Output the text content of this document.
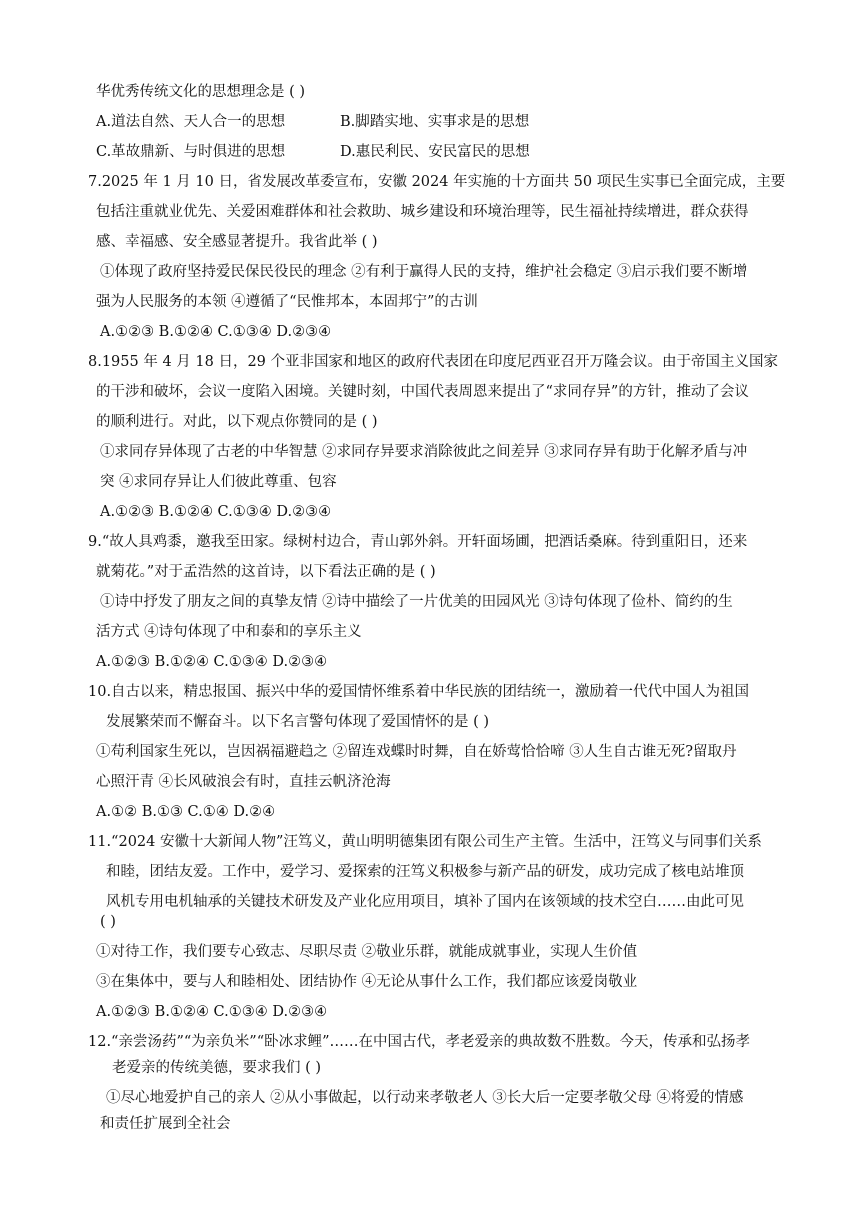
华优秀传统文化的思想理念是 ( )
A.道法自然、天人合一的思想	B.脚踏实地、实事求是的思想
C.革故鼎新、与时俱进的思想	D.惠民利民、安民富民的思想
7.2025 年 1 月 10 日，省发展改革委宣布，安徽 2024 年实施的十方面共 50 项民生实事已全面完成，主要
包括注重就业优先、关爱困难群体和社会救助、城乡建设和环境治理等，民生福祉持续增进，群众获得
感、幸福感、安全感显著提升。我省此举 ( )
①体现了政府坚持爱民保民役民的理念 ②有利于赢得人民的支持，维护社会稳定 ③启示我们要不断增
强为人民服务的本领 ④遵循了“民惟邦本，本固邦宁”的古训
A.①②③ B.①②④ C.①③④ D.②③④
8.1955 年 4 月 18 日，29 个亚非国家和地区的政府代表团在印度尼西亚召开万隆会议。由于帝国主义国家
的干涉和破坏，会议一度陷入困境。关键时刻，中国代表周恩来提出了“求同存异”的方针，推动了会议
的顺利进行。对此，以下观点你赞同的是 ( )
①求同存异体现了古老的中华智慧 ②求同存异要求消除彼此之间差异 ③求同存异有助于化解矛盾与冲
突 ④求同存异让人们彼此尊重、包容
A.①②③ B.①②④ C.①③④ D.②③④
9.“故人具鸡黍，邀我至田家。绿树村边合，青山郭外斜。开轩面场圃，把酒话桑麻。待到重阳日，还来
就菊花。”对于孟浩然的这首诗，以下看法正确的是 ( )
①诗中抒发了朋友之间的真挚友情 ②诗中描绘了一片优美的田园风光 ③诗句体现了俭朴、简约的生
活方式 ④诗句体现了中和泰和的享乐主义
A.①②③ B.①②④ C.①③④ D.②③④
10.自古以来，精忠报国、振兴中华的爱国情怀维系着中华民族的团结统一，激励着一代代中国人为祖国
发展繁荣而不懈奋斗。以下名言警句体现了爱国情怀的是 ( )
①苟利国家生死以，岂因祸福避趋之 ②留连戏蝶时时舞，自在娇莺恰恰啼 ③人生自古谁无死?留取丹
心照汗青 ④长风破浪会有时，直挂云帆济沧海
A.①② B.①③ C.①④ D.②④
11.“2024 安徽十大新闻人物”汪笃义，黄山明明德集团有限公司生产主管。生活中，汪笃义与同事们关系
和睦，团结友爱。工作中，爱学习、爱探索的汪笃义积极参与新产品的研发，成功完成了核电站堆顶
风机专用电机轴承的关键技术研发及产业化应用项目，填补了国内在该领域的技术空白……由此可见
( )
①对待工作，我们要专心致志、尽职尽责 ②敬业乐群，就能成就事业，实现人生价值
③在集体中，要与人和睦相处、团结协作 ④无论从事什么工作，我们都应该爱岗敬业
A.①②③ B.①②④ C.①③④ D.②③④
12.“亲尝汤药”“为亲负米”“卧冰求鲤”……在中国古代，孝老爱亲的典故数不胜数。今天，传承和弘扬孝
老爱亲的传统美德，要求我们 ( )
①尽心地爱护自己的亲人 ②从小事做起，以行动来孝敬老人 ③长大后一定要孝敬父母 ④将爱的情感
和责任扩展到全社会
